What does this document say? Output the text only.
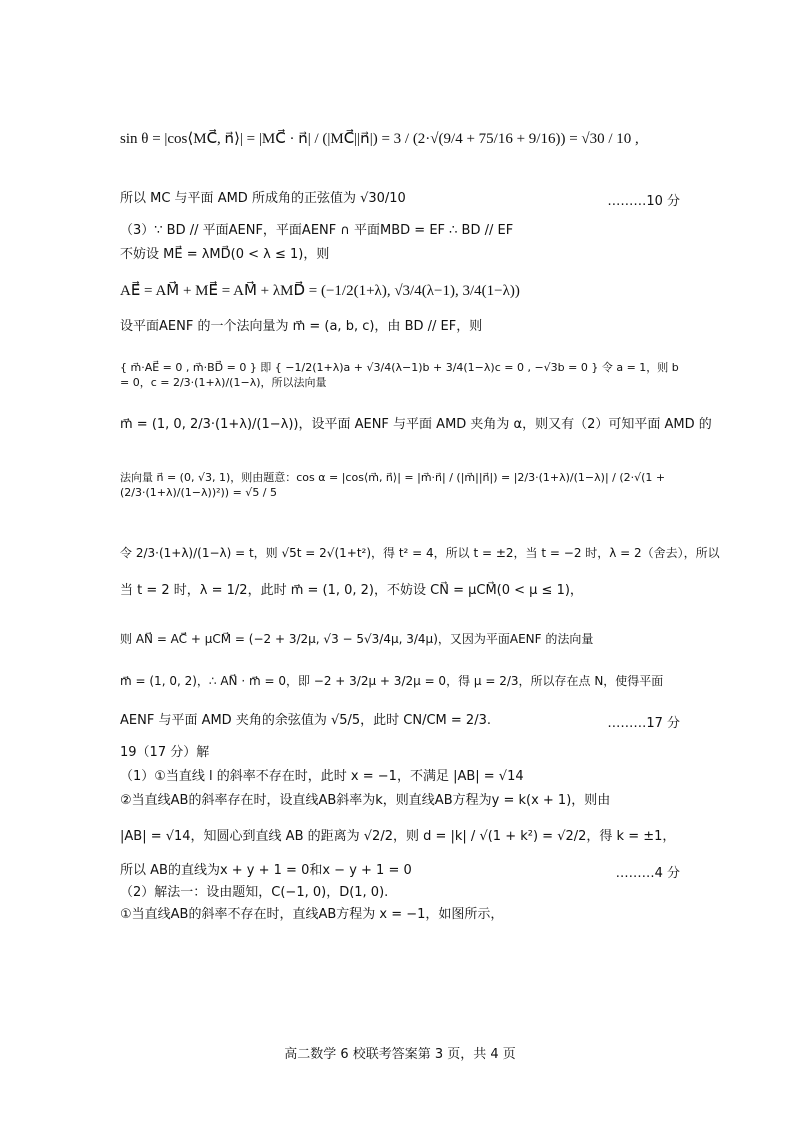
sin θ = |cos⟨MC⃗, n⃗⟩| = |MC⃗ · n⃗| / (|MC⃗||n⃗|) = 3 / (2·√(9/4 + 75/16 + 9/16)) = √30 / 10 ,
所以 MC 与平面 AMD 所成角的正弦值为 √30/10	………10 分
（3）∵ BD // 平面AENF，平面AENF ∩ 平面MBD = EF ∴ BD // EF
不妨设 ME⃗ = λMD⃗(0 < λ ≤ 1)，则
AE⃗ = AM⃗ + ME⃗ = AM⃗ + λMD⃗ = (−1/2(1+λ), √3/4(λ−1), 3/4(1−λ))
设平面AENF 的一个法向量为 m⃗ = (a, b, c)，由 BD // EF，则
{ m⃗·AE⃗ = 0 , m⃗·BD⃗ = 0 } 即 { −1/2(1+λ)a + √3/4(λ−1)b + 3/4(1−λ)c = 0 , −√3b = 0 } 令 a = 1，则 b = 0，c = 2/3·(1+λ)/(1−λ)，所以法向量
m⃗ = (1, 0, 2/3·(1+λ)/(1−λ))，设平面 AENF 与平面 AMD 夹角为 α，则又有（2）可知平面 AMD 的
法向量 n⃗ = (0, √3, 1)，则由题意：cos α = |cos⟨m⃗, n⃗⟩| = |m⃗·n⃗| / (|m⃗||n⃗|) = |2/3·(1+λ)/(1−λ)| / (2·√(1 + (2/3·(1+λ)/(1−λ))²)) = √5 / 5
令 2/3·(1+λ)/(1−λ) = t，则 √5t = 2√(1+t²)，得 t² = 4，所以 t = ±2，当 t = −2 时，λ = 2（舍去），所以
当 t = 2 时，λ = 1/2，此时 m⃗ = (1, 0, 2)，不妨设 CN⃗ = μCM⃗(0 < μ ≤ 1)，
则 AN⃗ = AC⃗ + μCM⃗ = (−2 + 3/2μ, √3 − 5√3/4μ, 3/4μ)，又因为平面AENF 的法向量
m⃗ = (1, 0, 2)，∴ AN⃗ · m⃗ = 0，即 −2 + 3/2μ + 3/2μ = 0，得 μ = 2/3，所以存在点 N，使得平面
AENF 与平面 AMD 夹角的余弦值为 √5/5，此时 CN/CM = 2/3.	………17 分
19（17 分）解
（1）①当直线 l 的斜率不存在时，此时 x = −1，不满足 |AB| = √14
②当直线AB的斜率存在时，设直线AB斜率为k，则直线AB方程为y = k(x + 1)，则由
|AB| = √14，知圆心到直线 AB 的距离为 √2/2，则 d = |k| / √(1 + k²) = √2/2，得 k = ±1，
所以 AB的直线为x + y + 1 = 0和x − y + 1 = 0	………4 分
（2）解法一：设由题知，C(−1, 0)，D(1, 0).
①当直线AB的斜率不存在时，直线AB方程为 x = −1，如图所示，
高二数学 6 校联考答案第 3 页，共 4 页
